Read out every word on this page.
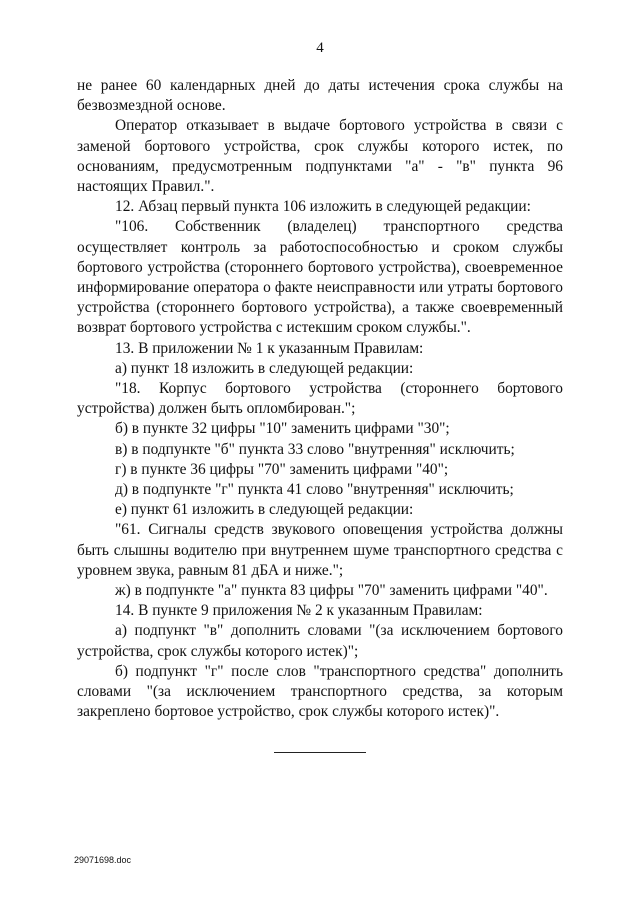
4

не ранее 60 календарных дней до даты истечения срока службы на безвозмездной основе.

Оператор отказывает в выдаче бортового устройства в связи с заменой бортового устройства, срок службы которого истек, по основаниям, предусмотренным подпунктами "а" - "в" пункта 96 настоящих Правил.".

12. Абзац первый пункта 106 изложить в следующей редакции:

"106. Собственник (владелец) транспортного средства осуществляет контроль за работоспособностью и сроком службы бортового устройства (стороннего бортового устройства), своевременное информирование оператора о факте неисправности или утраты бортового устройства (стороннего бортового устройства), а также своевременный возврат бортового устройства с истекшим сроком службы.".

13. В приложении № 1 к указанным Правилам:

а) пункт 18 изложить в следующей редакции:

"18. Корпус бортового устройства (стороннего бортового устройства) должен быть опломбирован.";

б) в пункте 32 цифры "10" заменить цифрами "30";

в) в подпункте "б" пункта 33 слово "внутренняя" исключить;

г) в пункте 36 цифры "70" заменить цифрами "40";

д) в подпункте "г" пункта 41 слово "внутренняя" исключить;

е) пункт 61 изложить в следующей редакции:

"61. Сигналы средств звукового оповещения устройства должны быть слышны водителю при внутреннем шуме транспортного средства с уровнем звука, равным 81 дБА и ниже.";

ж) в подпункте "а" пункта 83 цифры "70" заменить цифрами "40".

14. В пункте 9 приложения № 2 к указанным Правилам:

а) подпункт "в" дополнить словами "(за исключением бортового устройства, срок службы которого истек)";

б) подпункт "г" после слов "транспортного средства" дополнить словами "(за исключением транспортного средства, за которым закреплено бортовое устройство, срок службы которого истек)".

29071698.doc
